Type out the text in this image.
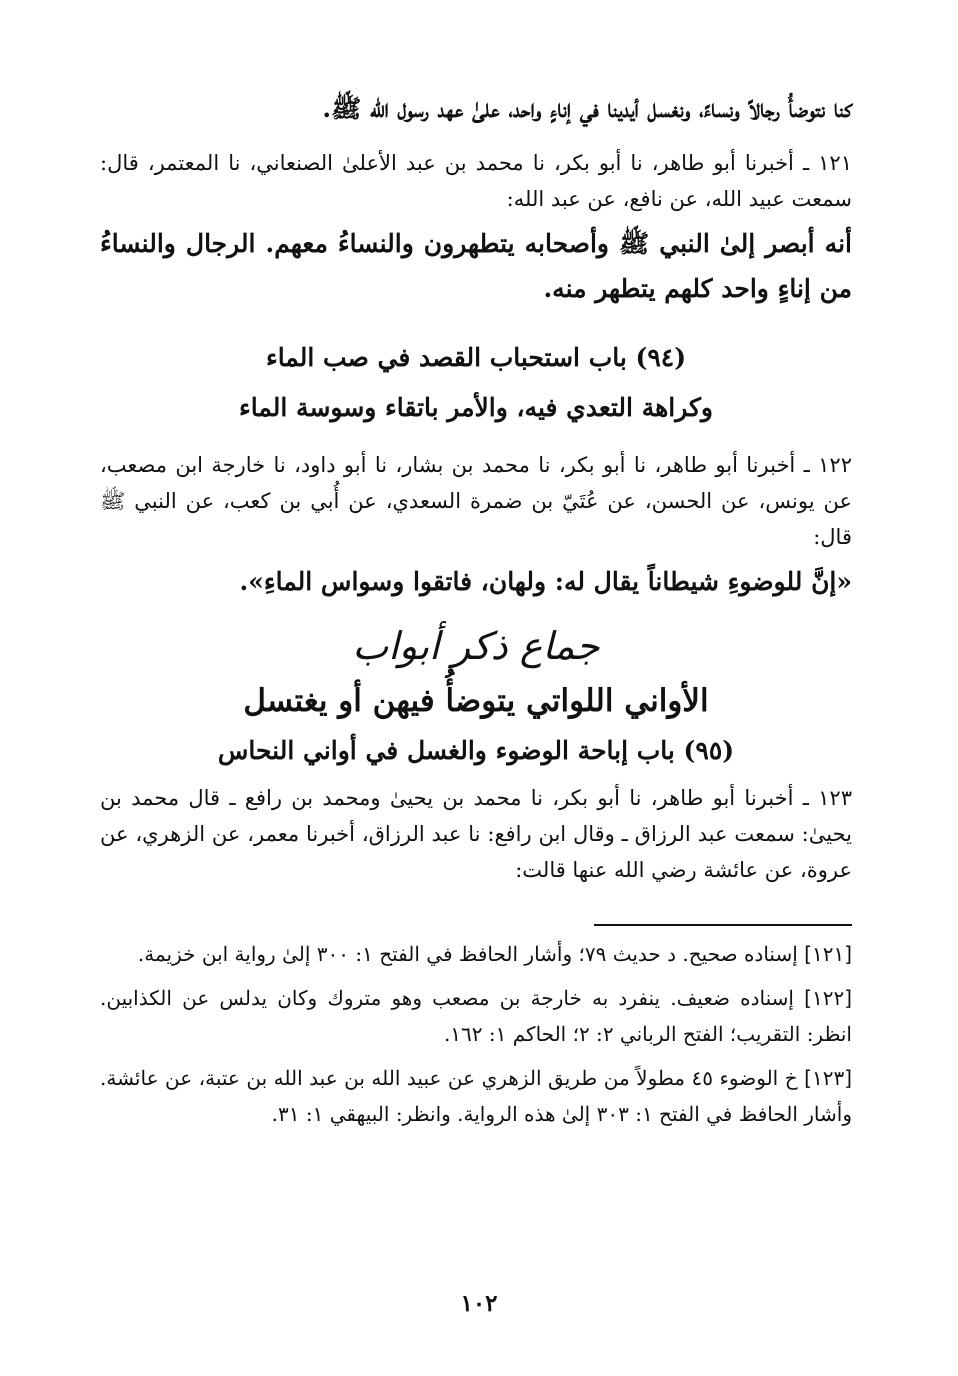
كنا نتوضأُ رجالاً ونساءً، ونغسل أيدينا في إناءٍ واحد، علىٰ عهد رسول الله ﷺ.

١٢١ ـ أخبرنا أبو طاهر، نا أبو بكر، نا محمد بن عبد الأعلىٰ الصنعاني، نا المعتمر، قال: سمعت عبيد الله، عن نافع، عن عبد الله:

أنه أبصر إلىٰ النبي ﷺ وأصحابه يتطهرون والنساءُ معهم. الرجال والنساءُ من إناءٍ واحد كلهم يتطهر منه.

(٩٤) باب استحباب القصد في صب الماء

وكراهة التعدي فيه، والأمر باتقاء وسوسة الماء

١٢٢ ـ أخبرنا أبو طاهر، نا أبو بكر، نا محمد بن بشار، نا أبو داود، نا خارجة ابن مصعب، عن يونس، عن الحسن، عن عُتَيّ بن ضمرة السعدي، عن أُبي بن كعب، عن النبي ﷺ قال:

«إنَّ للوضوءِ شيطاناً يقال له: ولهان، فاتقوا وسواس الماءِ».

جماع ذكر أبواب

الأواني اللواتي يتوضأُ فيهن أو يغتسل

(٩٥) باب إباحة الوضوء والغسل في أواني النحاس

١٢٣ ـ أخبرنا أبو طاهر، نا أبو بكر، نا محمد بن يحيىٰ ومحمد بن رافع ـ قال محمد بن يحيىٰ: سمعت عبد الرزاق ـ وقال ابن رافع: نا عبد الرزاق، أخبرنا معمر، عن الزهري، عن عروة، عن عائشة رضي الله عنها قالت:

[١٢١] إسناده صحيح. د حديث ٧٩؛ وأشار الحافظ في الفتح ١: ٣٠٠ إلىٰ رواية ابن خزيمة.

[١٢٢] إسناده ضعيف. ينفرد به خارجة بن مصعب وهو متروك وكان يدلس عن الكذابين. انظر: التقريب؛ الفتح الرباني ٢: ٢؛ الحاكم ١: ١٦٢.

[١٢٣] خ الوضوء ٤٥ مطولاً من طريق الزهري عن عبيد الله بن عبد الله بن عتبة، عن عائشة. وأشار الحافظ في الفتح ١: ٣٠٣ إلىٰ هذه الرواية. وانظر: البيهقي ١: ٣١.

١٠٢
